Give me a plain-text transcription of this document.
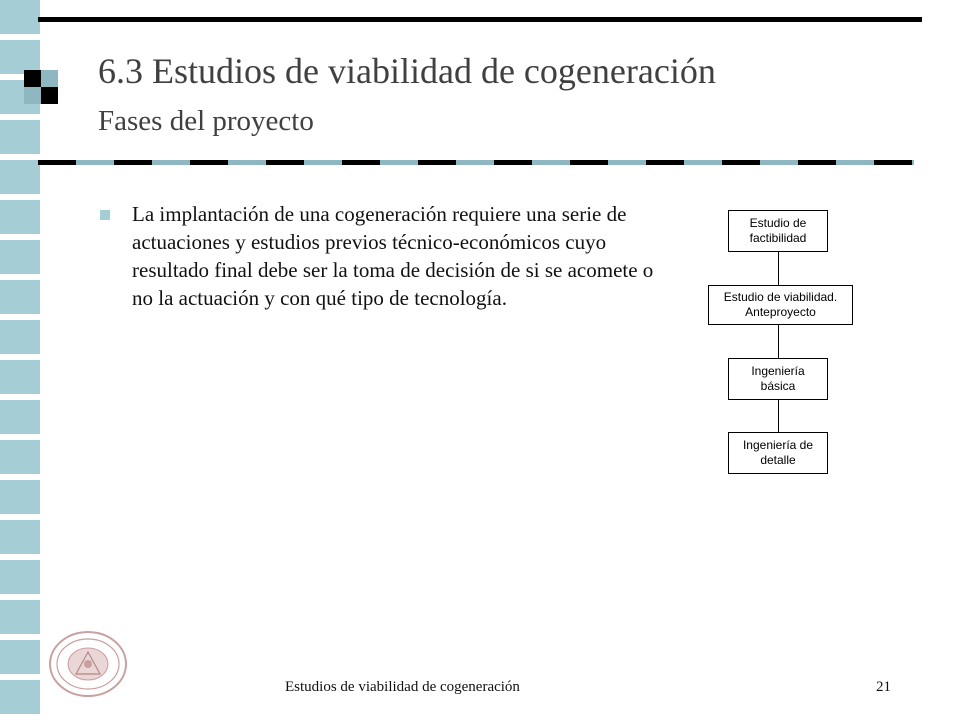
6.3 Estudios de viabilidad de cogeneración
Fases del proyecto
La implantación de una cogeneración requiere una serie de actuaciones y estudios previos técnico-económicos cuyo resultado final debe ser la toma de decisión de si se acomete o no la actuación y con qué tipo de tecnología.
Estudio de factibilidad
Estudio de viabilidad. Anteproyecto
Ingeniería básica
Ingeniería de detalle
Estudios de viabilidad de cogeneración	21
